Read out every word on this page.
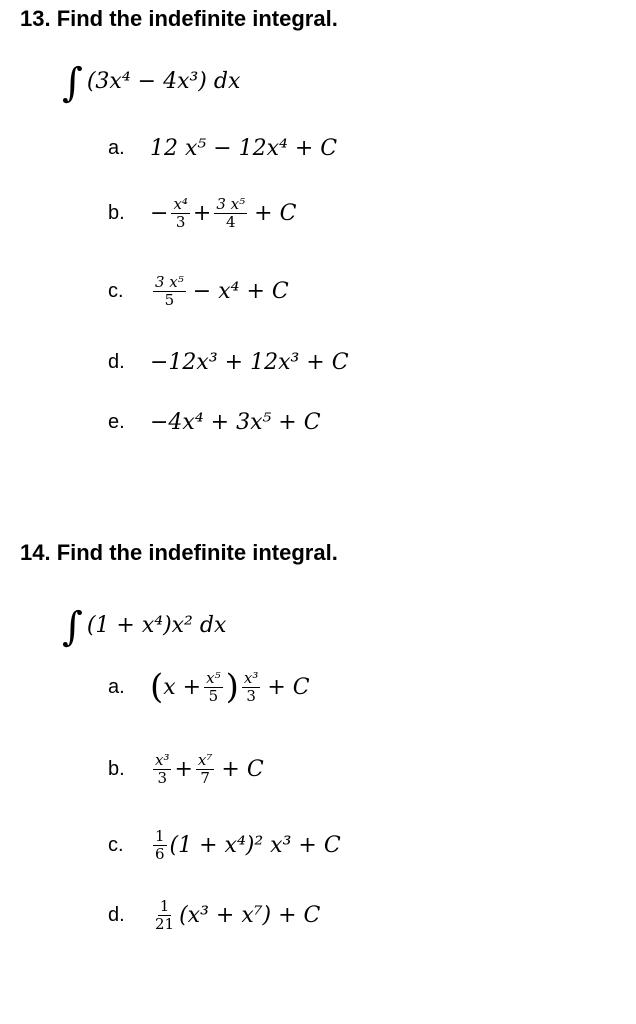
13. Find the indefinite integral.
∫ (3x⁴ − 4x³) dx
a.	12 x⁵ − 12x⁴ + C
b.	− $\frac{\text{x⁴}}{3} + \frac{\text{3 x⁵}}{4} + C$
c.	$\frac{\text{3 x⁵}}{5} - x^4 + C$
d.	−12x³ + 12x³ + C
e.	−4x⁴ + 3x⁵ + C
14. Find the indefinite integral.
∫ (1 + x⁴)x² dx
a. ( $x + \frac{\text{x⁵}}{5}$ ) $\frac{\text{x³}}{3} + C$
b.	$\frac{\text{x³}}{3} + \frac{\text{x⁷}}{7} + C$
c.	$\frac{1}{6} (1 + x^4)^2$ x³ + C
d.	$\frac{1}{21} (x^3 + x^7) + C$
